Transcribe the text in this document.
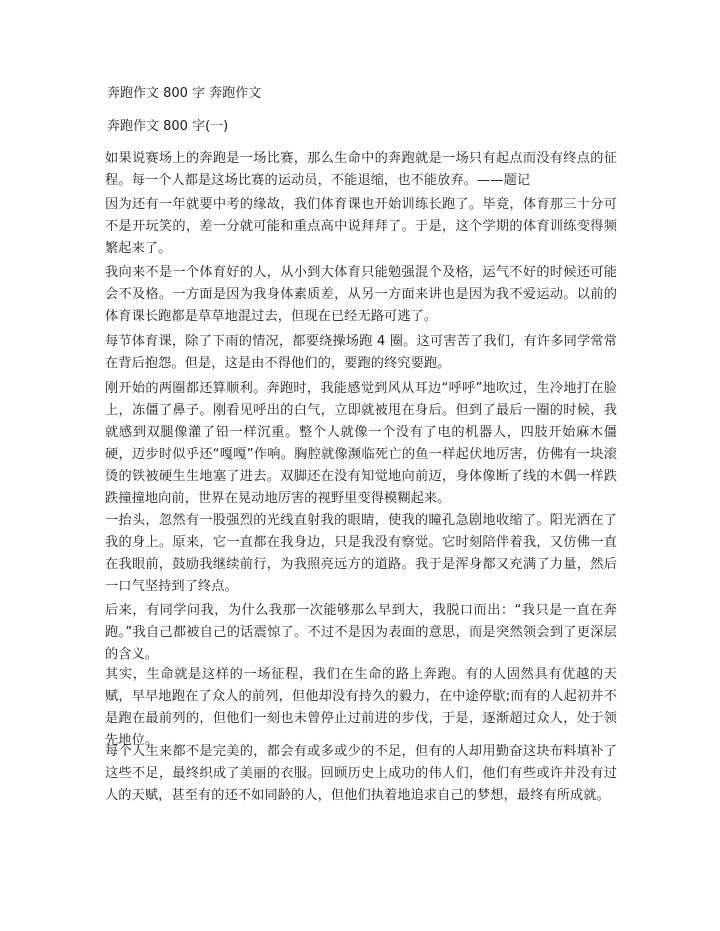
奔跑作文 800 字 奔跑作文
奔跑作文 800 字(一)

如果说赛场上的奔跑是一场比赛，那么生命中的奔跑就是一场只有起点而没有终点的征程。每一个人都是这场比赛的运动员，不能退缩，也不能放弃。——题记

因为还有一年就要中考的缘故，我们体育课也开始训练长跑了。毕竟，体育那三十分可不是开玩笑的，差一分就可能和重点高中说拜拜了。于是，这个学期的体育训练变得频繁起来了。

我向来不是一个体育好的人，从小到大体育只能勉强混个及格，运气不好的时候还可能会不及格。一方面是因为我身体素质差，从另一方面来讲也是因为我不爱运动。以前的体育课长跑都是草草地混过去，但现在已经无路可逃了。

每节体育课，除了下雨的情况，都要绕操场跑 4 圈。这可害苦了我们，有许多同学常常在背后抱怨。但是，这是由不得他们的，要跑的终究要跑。

刚开始的两圈都还算顺利。奔跑时，我能感觉到风从耳边“呼呼”地吹过，生冷地打在脸上，冻僵了鼻子。刚看见呼出的白气，立即就被甩在身后。但到了最后一圈的时候，我就感到双腿像灌了铅一样沉重。整个人就像一个没有了电的机器人，四肢开始麻木僵硬，迈步时似乎还“嘎嘎”作响。胸腔就像濒临死亡的鱼一样起伏地厉害，仿佛有一块滚烫的铁被硬生生地塞了进去。双脚还在没有知觉地向前迈，身体像断了线的木偶一样跌跌撞撞地向前，世界在晃动地厉害的视野里变得模糊起来。

一抬头，忽然有一股强烈的光线直射我的眼睛，使我的瞳孔急剧地收缩了。阳光洒在了我的身上。原来，它一直都在我身边，只是我没有察觉。它时刻陪伴着我，又仿佛一直在我眼前，鼓励我继续前行，为我照亮远方的道路。我于是浑身都又充满了力量，然后一口气坚持到了终点。

后来，有同学问我，为什么我那一次能够那么早到大，我脱口而出：“我只是一直在奔跑。”我自己都被自己的话震惊了。不过不是因为表面的意思，而是突然领会到了更深层的含义。

其实，生命就是这样的一场征程，我们在生命的路上奔跑。有的人固然具有优越的天赋，早早地跑在了众人的前列，但他却没有持久的毅力，在中途停歇;而有的人起初并不是跑在最前列的，但他们一刻也未曾停止过前进的步伐，于是，逐渐超过众人，处于领先地位。

每个人生来都不是完美的，都会有或多或少的不足，但有的人却用勤奋这块布料填补了这些不足，最终织成了美丽的衣服。回顾历史上成功的伟人们，他们有些或许并没有过人的天赋，甚至有的还不如同龄的人，但他们执着地追求自己的梦想，最终有所成就。
